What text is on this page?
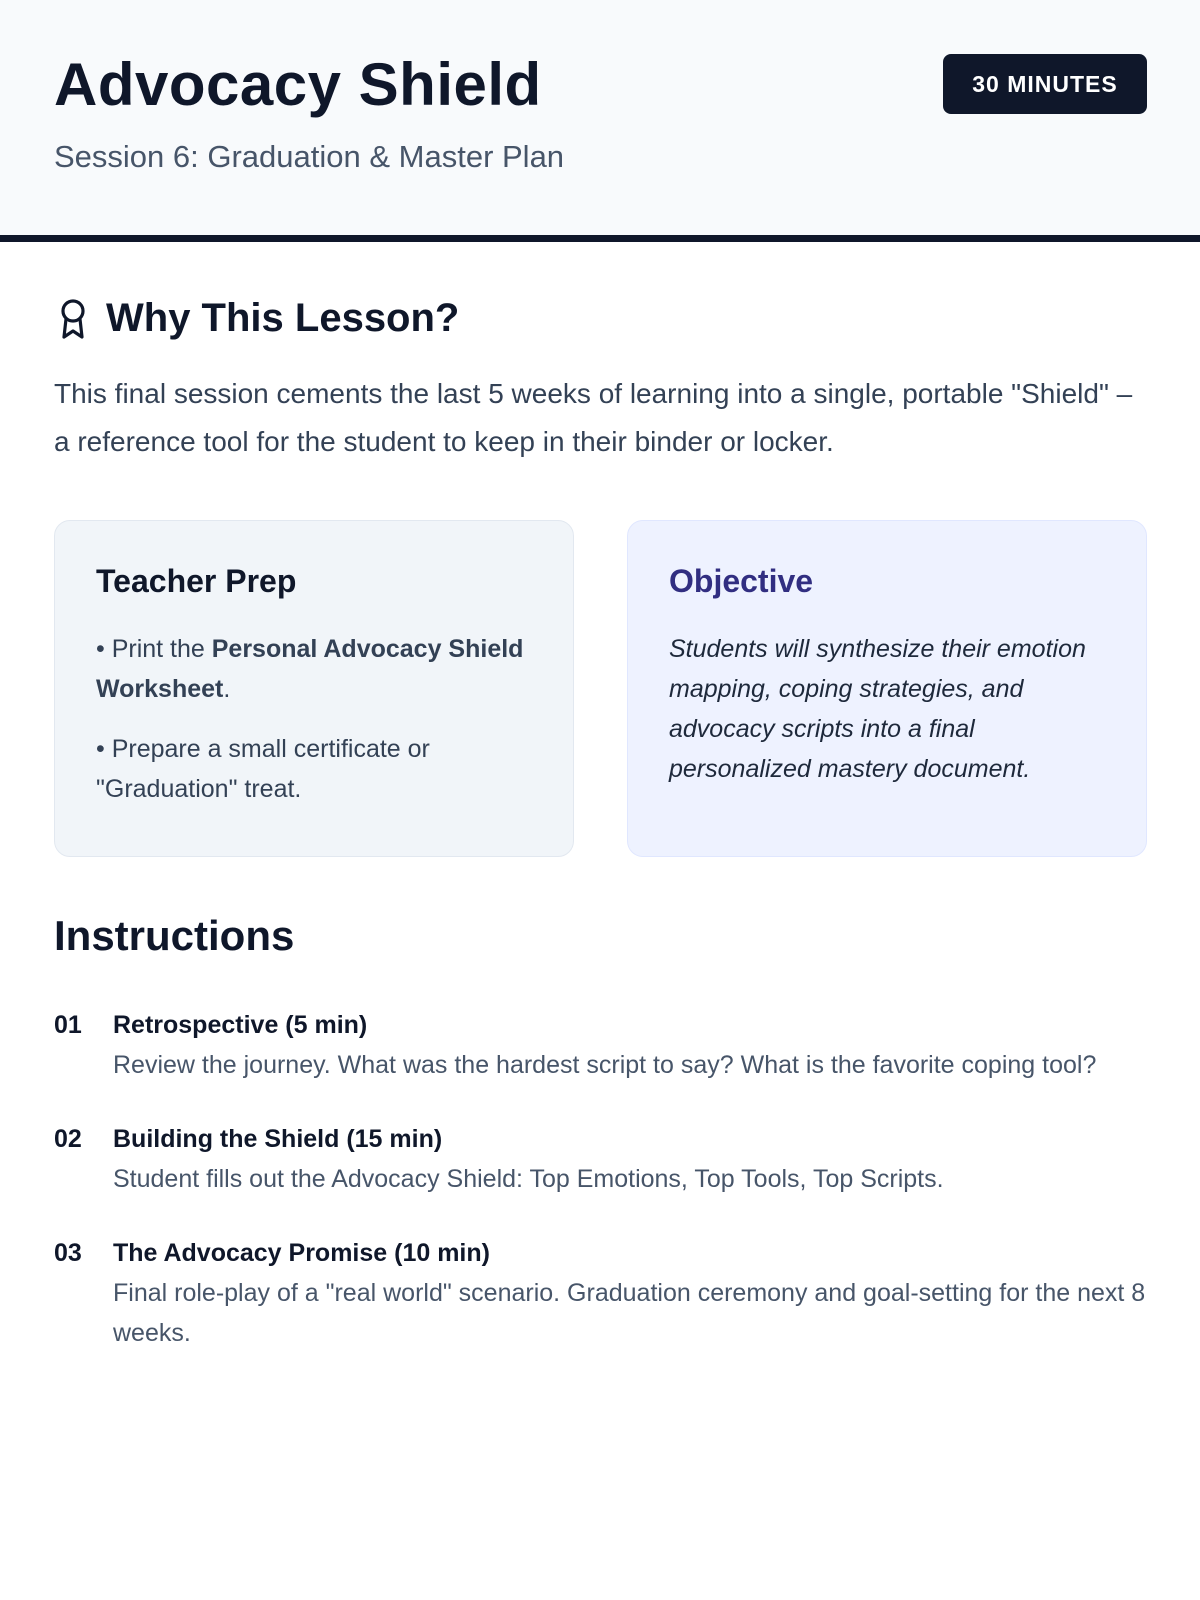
Advocacy Shield
Session 6: Graduation & Master Plan
30 MINUTES
Why This Lesson?
This final session cements the last 5 weeks of learning into a single, portable "Shield" – a reference tool for the student to keep in their binder or locker.
Teacher Prep
• Print the Personal Advocacy Shield Worksheet.
• Prepare a small certificate or "Graduation" treat.
Objective
Students will synthesize their emotion mapping, coping strategies, and advocacy scripts into a final personalized mastery document.
Instructions
01	Retrospective (5 min)
Review the journey. What was the hardest script to say? What is the favorite coping tool?
02	Building the Shield (15 min)
Student fills out the Advocacy Shield: Top Emotions, Top Tools, Top Scripts.
03	The Advocacy Promise (10 min)
Final role-play of a "real world" scenario. Graduation ceremony and goal-setting for the next 8 weeks.
